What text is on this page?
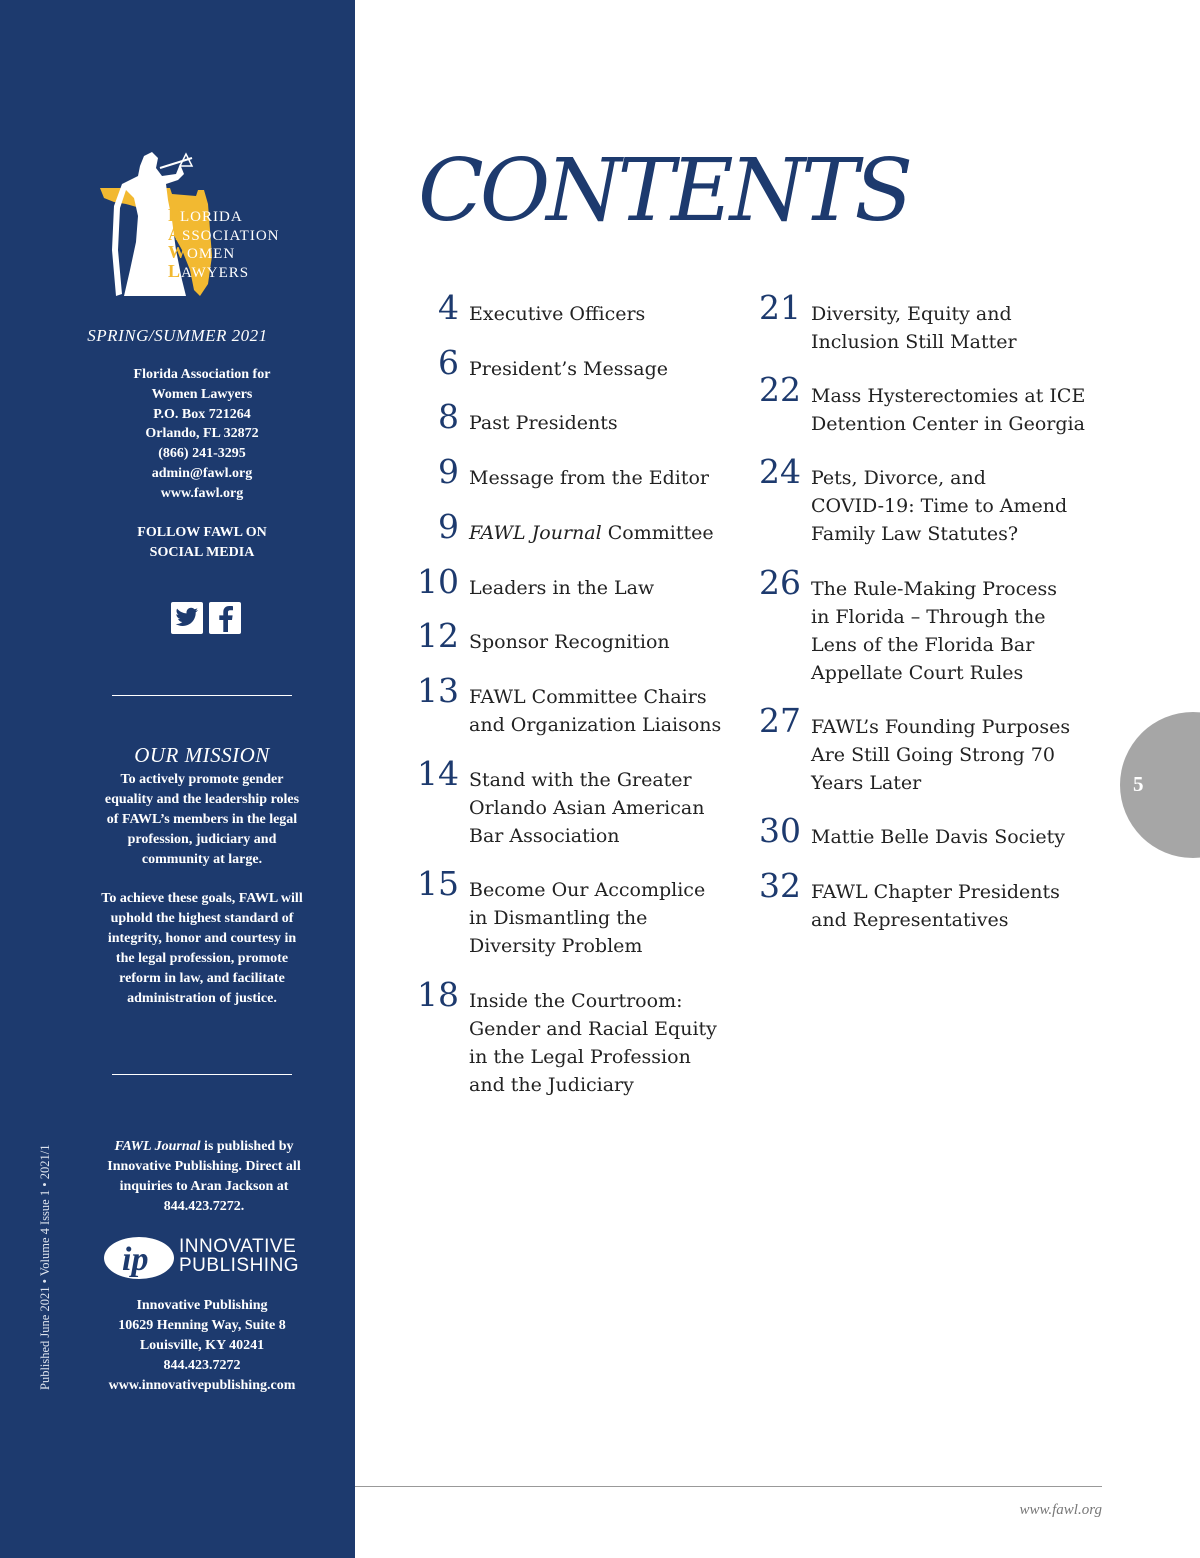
FLORIDA
ASSOCIATION
WOMEN
LAWYERS
SPRING/SUMMER 2021
Florida Association for
Women Lawyers
P.O. Box 721264
Orlando, FL 32872
(866) 241-3295
admin@fawl.org
www.fawl.org
FOLLOW FAWL ON
SOCIAL MEDIA
OUR MISSION

To actively promote gender equality and the leadership roles of FAWL’s members in the legal profession, judiciary and community at large.

To achieve these goals, FAWL will uphold the highest standard of integrity, honor and courtesy in the legal profession, promote reform in law, and facilitate administration of justice.

FAWL Journal is published by Innovative Publishing. Direct all inquiries to Aran Jackson at 844.423.7272.
ip INNOVATIVE
PUBLISHING
Innovative Publishing
10629 Henning Way, Suite 8
Louisville, KY 40241
844.423.7272
www.innovativepublishing.com
Published June 2021 • Volume 4 Issue 1 • 2021/1
CONTENTS
4 Executive Officers
6 President’s Message
8 Past Presidents
9 Message from the Editor
9 FAWL Journal Committee
10 Leaders in the Law
12 Sponsor Recognition
13 FAWL Committee Chairs
and Organization Liaisons
14 Stand with the Greater
Orlando Asian American
Bar Association
15 Become Our Accomplice
in Dismantling the
Diversity Problem
18 Inside the Courtroom:
Gender and Racial Equity
in the Legal Profession
and the Judiciary
21 Diversity, Equity and
Inclusion Still Matter
22 Mass Hysterectomies at ICE
Detention Center in Georgia
24 Pets, Divorce, and
COVID-19: Time to Amend
Family Law Statutes?
26 The Rule-Making Process
in Florida – Through the
Lens of the Florida Bar
Appellate Court Rules
27 FAWL’s Founding Purposes
Are Still Going Strong 70
Years Later
30 Mattie Belle Davis Society
32 FAWL Chapter Presidents
and Representatives
5
www.fawl.org
